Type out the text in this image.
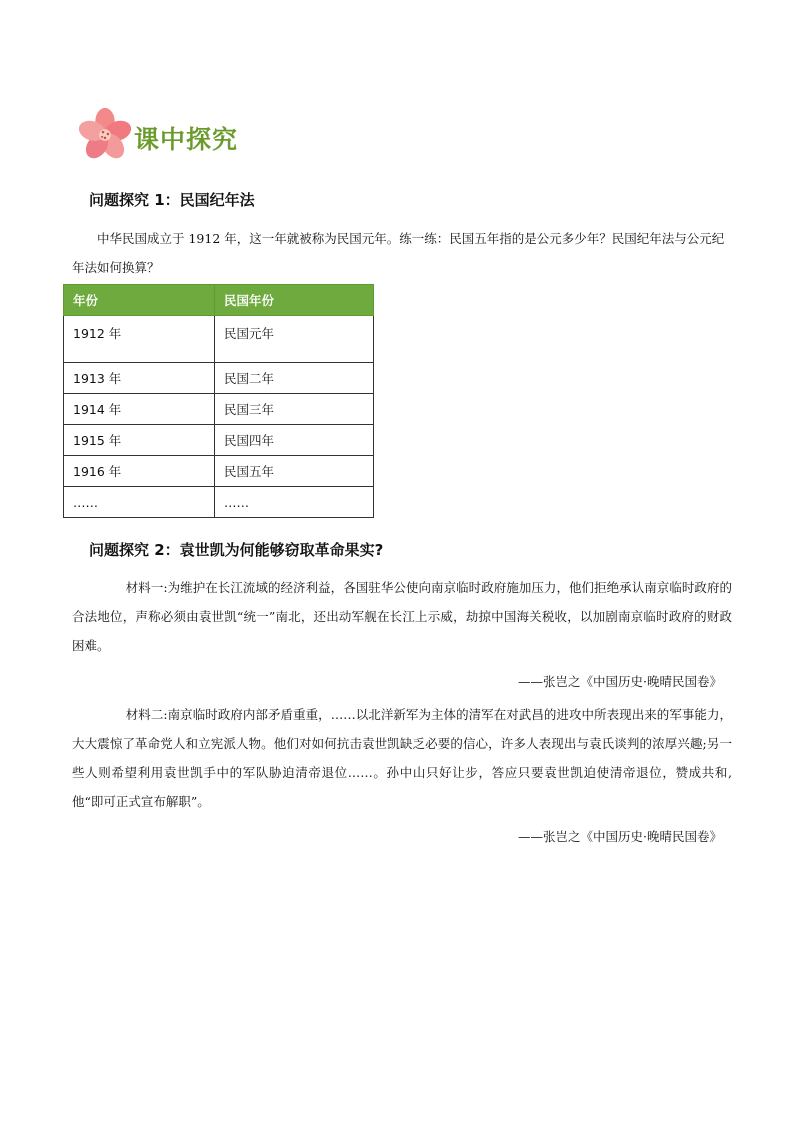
课中探究
问题探究 1：民国纪年法
中华民国成立于 1912 年，这一年就被称为民国元年。练一练：民国五年指的是公元多少年？民国纪年法与公元纪年法如何换算？
年份	民国年份
1912 年	民国元年
1913 年	民国二年
1914 年	民国三年
1915 年	民国四年
1916 年	民国五年
……	……
问题探究 2：袁世凯为何能够窃取革命果实?
材料一:为维护在长江流域的经济利益，各国驻华公使向南京临时政府施加压力，他们拒绝承认南京临时政府的合法地位，声称必须由袁世凯“统一”南北，还出动军舰在长江上示威，劫掠中国海关税收，以加剧南京临时政府的财政困难。
——张岂之《中国历史·晚晴民国卷》
材料二:南京临时政府内部矛盾重重，……以北洋新军为主体的清军在对武昌的进攻中所表现出来的军事能力，大大震惊了革命党人和立宪派人物。他们对如何抗击袁世凯缺乏必要的信心，许多人表现出与袁氏谈判的浓厚兴趣;另一些人则希望利用袁世凯手中的军队胁迫清帝退位……。孙中山只好让步，答应只要袁世凯迫使清帝退位，赞成共和,他“即可正式宣布解职”。
——张岂之《中国历史·晚晴民国卷》
